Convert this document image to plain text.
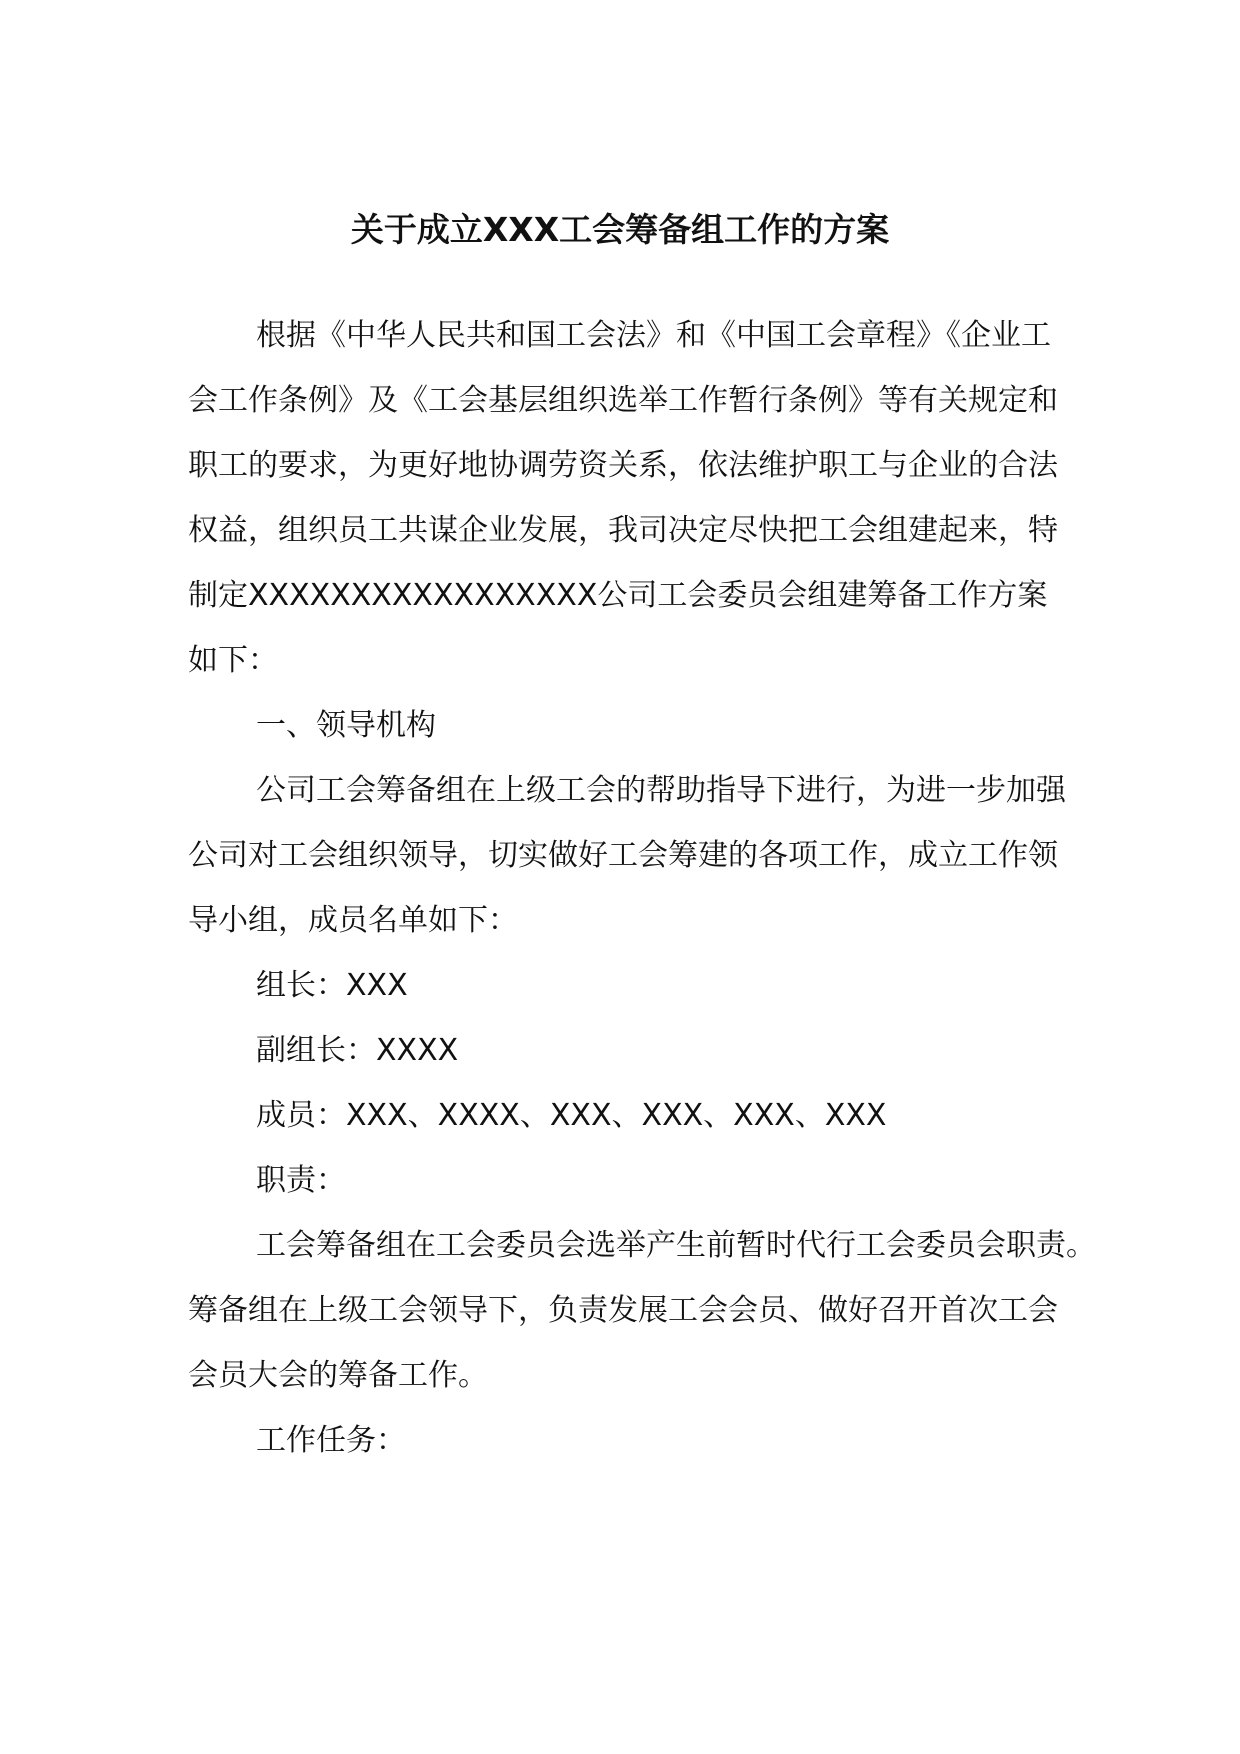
关于成立XXX工会筹备组工作的方案
根据《中华人民共和国工会法》和《中国工会章程》《企业工
会工作条例》及《工会基层组织选举工作暂行条例》等有关规定和
职工的要求，为更好地协调劳资关系，依法维护职工与企业的合法
权益，组织员工共谋企业发展，我司决定尽快把工会组建起来，特
制定XXXXXXXXXXXXXXXXX公司工会委员会组建筹备工作方案
如下：
一、领导机构
公司工会筹备组在上级工会的帮助指导下进行，为进一步加强
公司对工会组织领导，切实做好工会筹建的各项工作，成立工作领
导小组，成员名单如下：
组长：XXX
副组长：XXXX
成员：XXX、XXXX、XXX、XXX、XXX、XXX
职责：
工会筹备组在工会委员会选举产生前暂时代行工会委员会职责。
筹备组在上级工会领导下，负责发展工会会员、做好召开首次工会
会员大会的筹备工作。
工作任务：
